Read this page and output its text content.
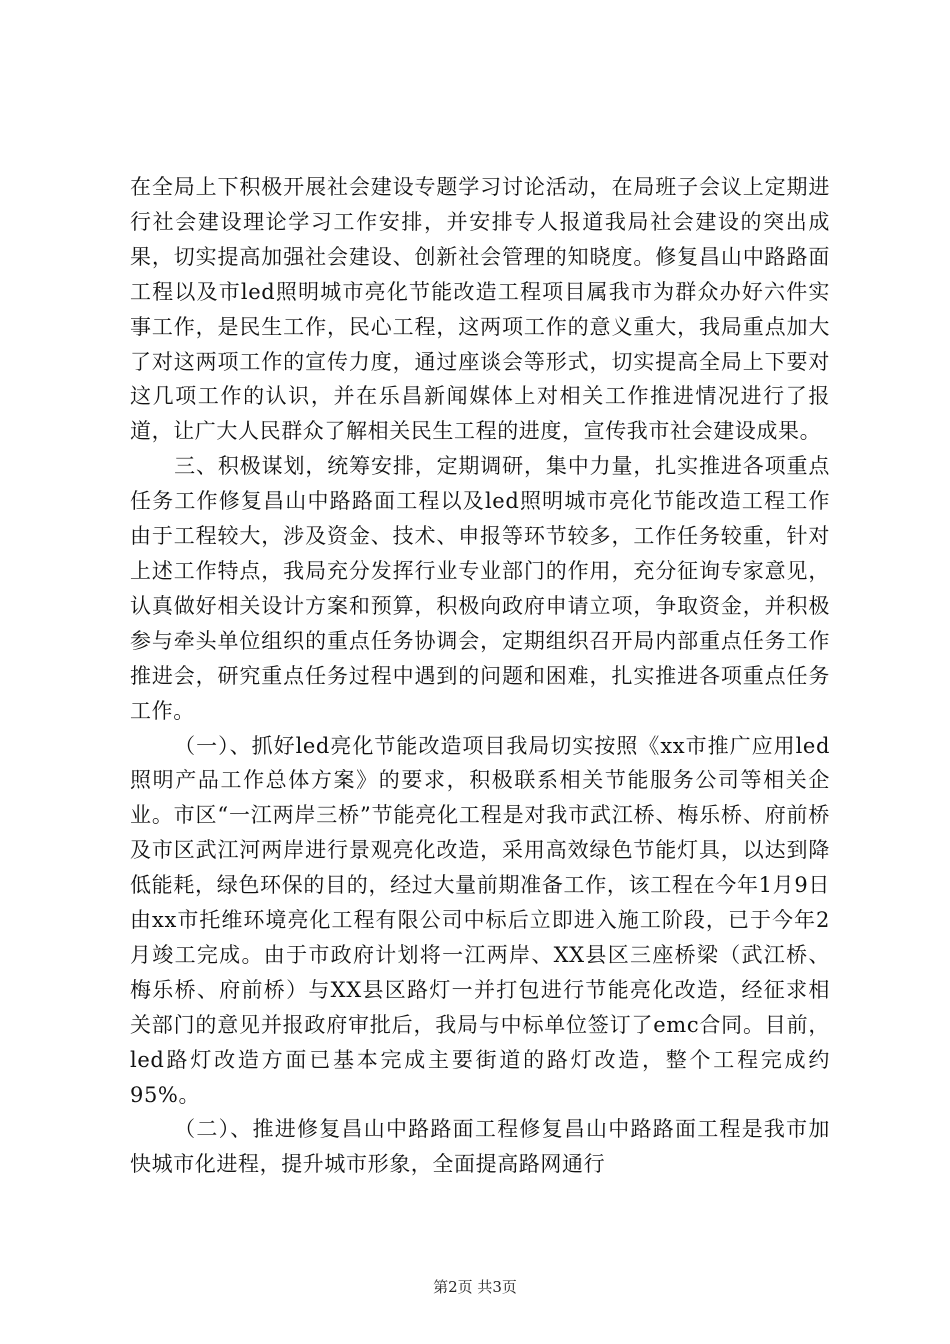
在全局上下积极开展社会建设专题学习讨论活动，在局班子会议上定期进行社会建设理论学习工作安排，并安排专人报道我局社会建设的突出成果，切实提高加强社会建设、创新社会管理的知晓度。修复昌山中路路面工程以及市led照明城市亮化节能改造工程项目属我市为群众办好六件实事工作，是民生工作，民心工程，这两项工作的意义重大，我局重点加大了对这两项工作的宣传力度，通过座谈会等形式，切实提高全局上下要对这几项工作的认识，并在乐昌新闻媒体上对相关工作推进情况进行了报道，让广大人民群众了解相关民生工程的进度，宣传我市社会建设成果。

三、积极谋划，统筹安排，定期调研，集中力量，扎实推进各项重点任务工作修复昌山中路路面工程以及led照明城市亮化节能改造工程工作由于工程较大，涉及资金、技术、申报等环节较多，工作任务较重，针对上述工作特点，我局充分发挥行业专业部门的作用，充分征询专家意见，认真做好相关设计方案和预算，积极向政府申请立项，争取资金，并积极参与牵头单位组织的重点任务协调会，定期组织召开局内部重点任务工作推进会，研究重点任务过程中遇到的问题和困难，扎实推进各项重点任务工作。

（一）、抓好led亮化节能改造项目我局切实按照《xx市推广应用led照明产品工作总体方案》的要求，积极联系相关节能服务公司等相关企业。市区“一江两岸三桥”节能亮化工程是对我市武江桥、梅乐桥、府前桥及市区武江河两岸进行景观亮化改造，采用高效绿色节能灯具，以达到降低能耗，绿色环保的目的，经过大量前期准备工作，该工程在今年1月9日由xx市托维环境亮化工程有限公司中标后立即进入施工阶段，已于今年2月竣工完成。由于市政府计划将一江两岸、XX县区三座桥梁（武江桥、梅乐桥、府前桥）与XX县区路灯一并打包进行节能亮化改造，经征求相关部门的意见并报政府审批后，我局与中标单位签订了emc合同。目前，led路灯改造方面已基本完成主要街道的路灯改造，整个工程完成约95%。

（二）、推进修复昌山中路路面工程修复昌山中路路面工程是我市加快城市化进程，提升城市形象，全面提高路网通行

第2页 共3页
